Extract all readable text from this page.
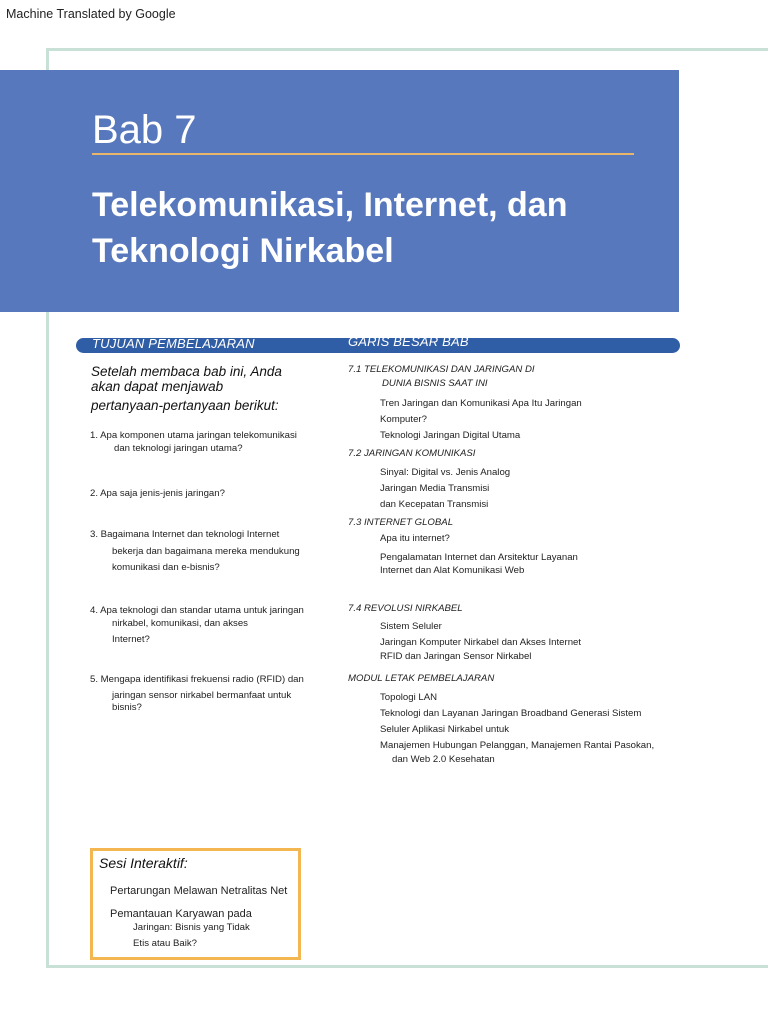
Machine Translated by Google
Bab 7
Telekomunikasi, Internet, dan
Teknologi Nirkabel
TUJUAN PEMBELAJARAN	GARIS BESAR BAB
Setelah membaca bab ini, Anda
akan dapat menjawab
pertanyaan-pertanyaan berikut:
1. Apa komponen utama jaringan telekomunikasi
dan teknologi jaringan utama?
2. Apa saja jenis-jenis jaringan?
3. Bagaimana Internet dan teknologi Internet
bekerja dan bagaimana mereka mendukung
komunikasi dan e-bisnis?
4. Apa teknologi dan standar utama untuk jaringan
nirkabel, komunikasi, dan akses
Internet?
5. Mengapa identifikasi frekuensi radio (RFID) dan
jaringan sensor nirkabel bermanfaat untuk
bisnis?
7.1 TELEKOMUNIKASI DAN JARINGAN DI
DUNIA BISNIS SAAT INI
Tren Jaringan dan Komunikasi Apa Itu Jaringan
Komputer?
Teknologi Jaringan Digital Utama
7.2 JARINGAN KOMUNIKASI
Sinyal: Digital vs. Jenis Analog
Jaringan Media Transmisi
dan Kecepatan Transmisi
7.3 INTERNET GLOBAL
Apa itu internet?
Pengalamatan Internet dan Arsitektur Layanan
Internet dan Alat Komunikasi Web
7.4 REVOLUSI NIRKABEL
Sistem Seluler
Jaringan Komputer Nirkabel dan Akses Internet
RFID dan Jaringan Sensor Nirkabel
MODUL LETAK PEMBELAJARAN
Topologi LAN
Teknologi dan Layanan Jaringan Broadband Generasi Sistem
Seluler Aplikasi Nirkabel untuk
Manajemen Hubungan Pelanggan, Manajemen Rantai Pasokan,
dan Web 2.0 Kesehatan
Sesi Interaktif:
Pertarungan Melawan Netralitas Net
Pemantauan Karyawan pada
Jaringan: Bisnis yang Tidak
Etis atau Baik?
